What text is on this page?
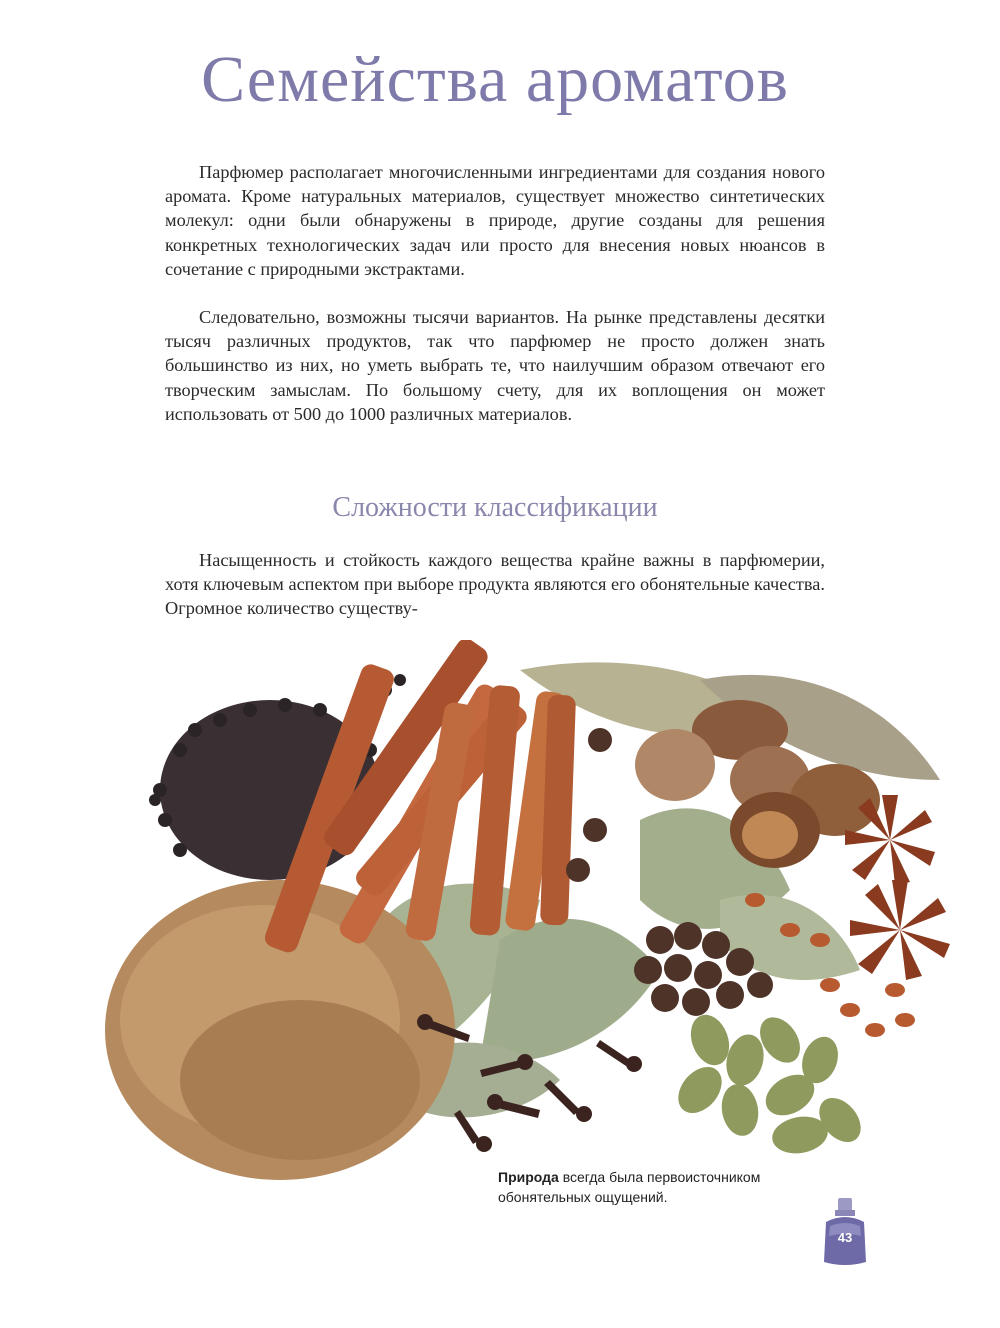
Семейства ароматов

Парфюмер располагает многочисленными ингредиентами для создания нового аромата. Кроме натуральных материалов, существует множество синтетических молекул: одни были обнаружены в природе, другие созданы для решения конкретных технологических задач или просто для внесения новых нюансов в сочетание с природными экстрактами.

Следовательно, возможны тысячи вариантов. На рынке представлены десятки тысяч различных продуктов, так что парфюмер не просто должен знать большинство из них, но уметь выбрать те, что наилучшим образом отвечают его творческим замыслам. По большому счету, для их воплощения он может использовать от 500 до 1000 различных материалов.

Сложности классификации

Насыщенность и стойкость каждого вещества крайне важны в парфюмерии, хотя ключевым аспектом при выборе продукта являются его обонятельные качества. Огромное количество существу-

Природа всегда была первоисточником обонятельных ощущений.

43
